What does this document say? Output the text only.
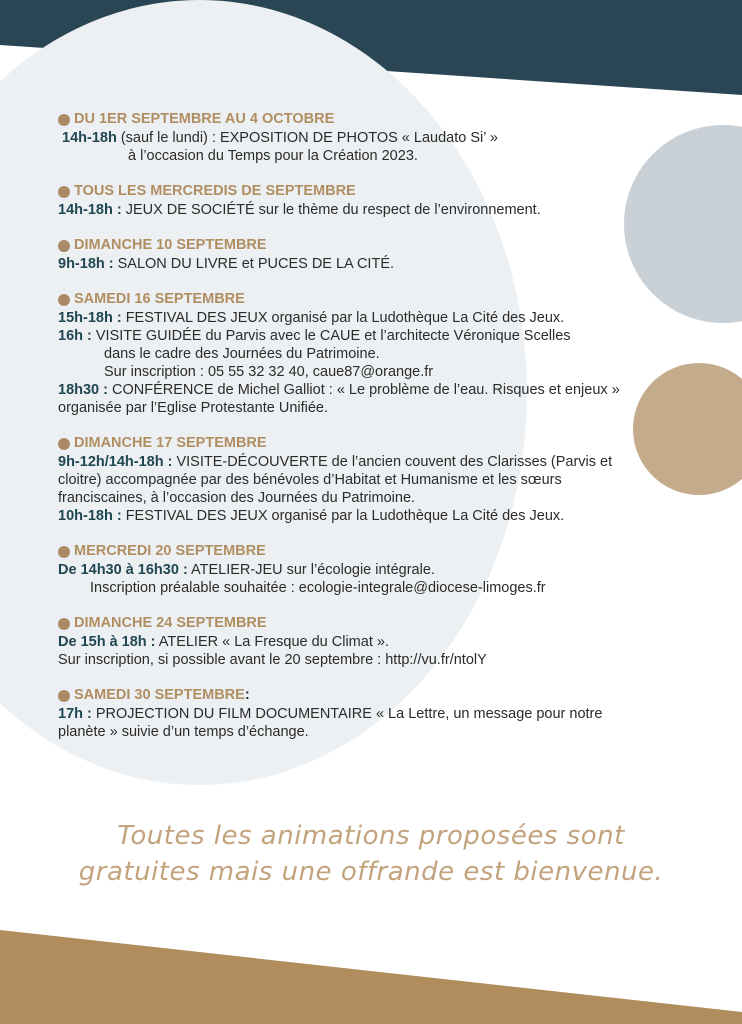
DU 1ER SEPTEMBRE AU 4 OCTOBRE
14h-18h (sauf le lundi) : EXPOSITION DE PHOTOS « Laudato Si’ »
à l’occasion du Temps pour la Création 2023.
TOUS LES MERCREDIS DE SEPTEMBRE
14h-18h : JEUX DE SOCIÉTÉ sur le thème du respect de l’environnement.
DIMANCHE 10 SEPTEMBRE
9h-18h : SALON DU LIVRE et PUCES DE LA CITÉ.
SAMEDI 16 SEPTEMBRE
15h-18h : FESTIVAL DES JEUX organisé par la Ludothèque La Cité des Jeux.
16h : VISITE GUIDÉE du Parvis avec le CAUE et l’architecte Véronique Scelles
dans le cadre des Journées du Patrimoine.
Sur inscription : 05 55 32 32 40, caue87@orange.fr
18h30 : CONFÉRENCE de Michel Galliot : « Le problème de l’eau. Risques et enjeux »
organisée par l’Eglise Protestante Unifiée.
DIMANCHE 17 SEPTEMBRE
9h-12h/14h-18h : VISITE-DÉCOUVERTE de l’ancien couvent des Clarisses (Parvis et
cloitre) accompagnée par des bénévoles d’Habitat et Humanisme et les sœurs
franciscaines, à l’occasion des Journées du Patrimoine.
10h-18h : FESTIVAL DES JEUX organisé par la Ludothèque La Cité des Jeux.
MERCREDI 20 SEPTEMBRE
De 14h30 à 16h30 : ATELIER-JEU sur l’écologie intégrale.
Inscription préalable souhaitée : ecologie-integrale@diocese-limoges.fr
DIMANCHE 24 SEPTEMBRE
De 15h à 18h : ATELIER « La Fresque du Climat ».
Sur inscription, si possible avant le 20 septembre : http://vu.fr/ntolY
SAMEDI 30 SEPTEMBRE :
17h : PROJECTION DU FILM DOCUMENTAIRE « La Lettre, un message pour notre
planète » suivie d’un temps d’échange.
Toutes les animations proposées sont
gratuites mais une offrande est bienvenue.
